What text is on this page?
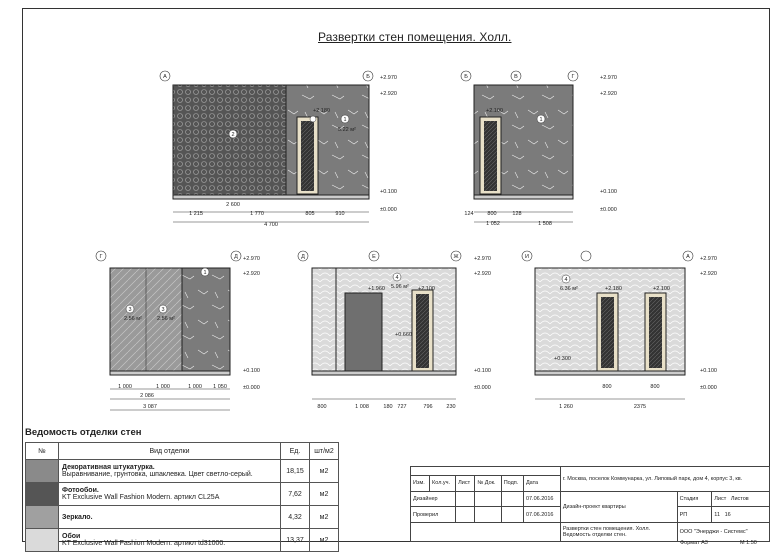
Развертки стен помещения. Холл.
А	Б	Б	В	Г
Г	Д	Д	Е	Ж	И	А
+2.970
+2.920
+0.100
±0.000
+2.970
+2.920
+0.100
±0.000
+2.970
+2.920
+0.100
±0.000
+2.970
+2.920
+0.100
±0.000
+2.970
+2.920
+0.100
±0.000
4 700
1 215	1 770	805	910
2 600
124	800	128
1 052	1 508
1 000	1 000	1 000 1 050
2 086
3 087	800	1 008	180 727	796	230	1 260	2375
800	800
+2.180	+2.100
+2.180	+2.100
+2.100
+1.960
+0.300
+0.660
2
1
5.22 м²
1
3
2.56 м²
3
2.56 м²
1
4
5.96 м²
4
6.36 м²
Ведомость отделки стен
№	Вид отделки	Ед.	шт/м2
	Декоративная штукатурка.
Выравнивание, грунтовка, шпаклевка. Цвет светло-серый.	18,15	м2
	Фотообои.
KT Exclusive Wall Fashion Modern. артикл CL25A	7,62	м2
	Зеркало.	4,32	м2
	Обои
KT Exclusive Wall Fashion Modern. артикл td31000.	13,37	м2
						г. Москва, поселок Коммунарка, ул. Липовый парк, дом 4, корпус 3, кв.		
Изм.	Кол.уч.	Лист	№ Док.	Подп.	Дата			
Дизайнер					07.06.2016	Дизайн-проект квартиры	Стадия	Лист Листов
Проверил					07.06.2016		РП	11 16
						Развертки стен помещения. Холл.
Ведомость отделки стен.	ООО "Энерджи - Системс"	
Формат А3	М 1:50
